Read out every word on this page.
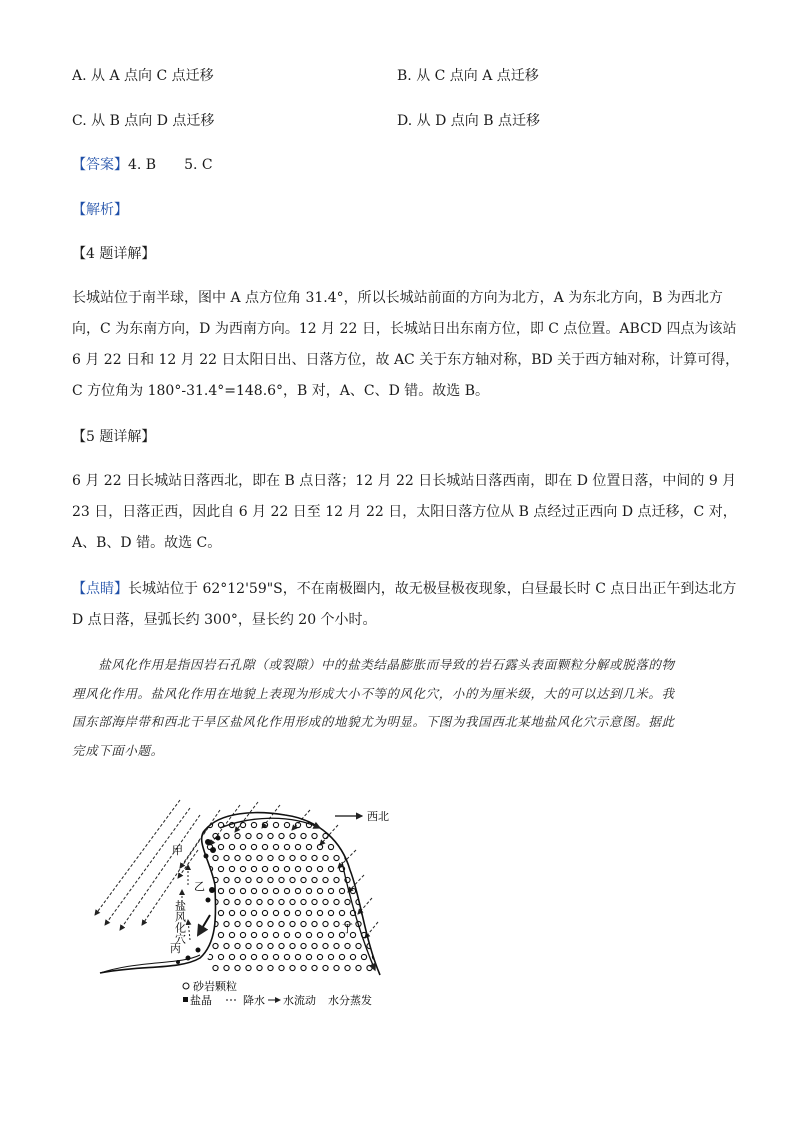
A. 从 A 点向 C 点迁移	B. 从 C 点向 A 点迁移
C. 从 B 点向 D 点迁移	D. 从 D 点向 B 点迁移
【答案】4. B　　5. C
【解析】
【4 题详解】

长城站位于南半球，图中 A 点方位角 31.4°，所以长城站前面的方向为北方，A 为东北方向，B 为西北方

向，C 为东南方向，D 为西南方向。12 月 22 日，长城站日出东南方位，即 C 点位置。ABCD 四点为该站

6 月 22 日和 12 月 22 日太阳日出、日落方位，故 AC 关于东方轴对称，BD 关于西方轴对称，计算可得，

C 方位角为 180°-31.4°=148.6°，B 对，A、C、D 错。故选 B。

【5 题详解】

6 月 22 日长城站日落西北，即在 B 点日落；12 月 22 日长城站日落西南，即在 D 位置日落，中间的 9 月

23 日，日落正西，因此自 6 月 22 日至 12 月 22 日，太阳日落方位从 B 点经过正西向 D 点迁移，C 对，

A、B、D 错。故选 C。

【点睛】长城站位于 62°12'59"S，不在南极圈内，故无极昼极夜现象，白昼最长时 C 点日出正午到达北方

D 点日落，昼弧长约 300°，昼长约 20 个小时。

　　盐风化作用是指因岩石孔隙（或裂隙）中的盐类结晶膨胀而导致的岩石露头表面颗粒分解或脱落的物

理风化作用。盐风化作用在地貌上表现为形成大小不等的风化穴，小的为厘米级，大的可以达到几米。我

国东部海岸带和西北干旱区盐风化作用形成的地貌尤为明显。下图为我国西北某地盐风化穴示意图。据此

完成下面小题。

西北
甲
乙
丙
丁
盐风化穴
砂岩颗粒
盐晶	降水 水流动 水分蒸发
